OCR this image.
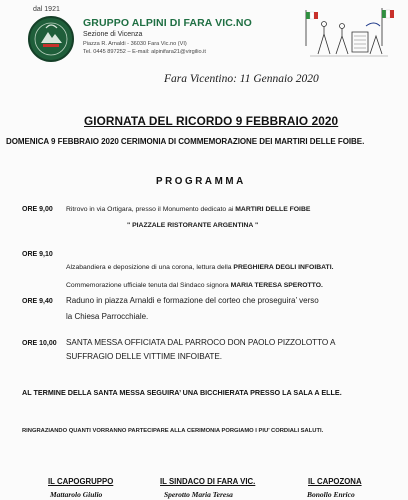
dal 1921
GRUPPO ALPINI DI FARA VIC.NO
Sezione di Vicenza
Piazza R. Arnaldi - 36030 Fara Vic.no (VI)
Tel. 0445 897252 – E-mail: alpinifara21@virgilio.it
Fara Vicentino: 11 Gennaio 2020
GIORNATA DEL RICORDO 9 FEBBRAIO 2020
DOMENICA 9 FEBBRAIO 2020 CERIMONIA DI COMMEMORAZIONE DEI MARTIRI DELLE FOIBE.
PROGRAMMA
ORE 9,00 Ritrovo in via Ortigara, presso il Monumento dedicato ai MARTIRI DELLE FOIBE
" PIAZZALE RISTORANTE ARGENTINA "
ORE 9,10
Alzabandiera e deposizione di una corona, lettura della PREGHIERA DEGLI INFOIBATI.
Commemorazione ufficiale tenuta dal Sindaco signora MARIA TERESA SPEROTTO.
ORE 9,40 Raduno in piazza Arnaldi e formazione del corteo che proseguira’ verso
la Chiesa Parrocchiale.
ORE 10,00 SANTA MESSA OFFICIATA DAL PARROCO DON PAOLO PIZZOLOTTO A
SUFFRAGIO DELLE VITTIME INFOIBATE.
AL TERMINE DELLA SANTA MESSA SEGUIRA’ UNA BICCHIERATA PRESSO LA SALA A ELLE.
RINGRAZIANDO QUANTI VORRANNO PARTECIPARE ALLA CERIMONIA PORGIAMO I PIU’ CORDIALI SALUTI.
IL CAPOGRUPPO
Mattarolo Giulio
IL SINDACO DI FARA VIC.
Sperotto Maria Teresa
IL CAPOZONA
Bonollo Enrico
